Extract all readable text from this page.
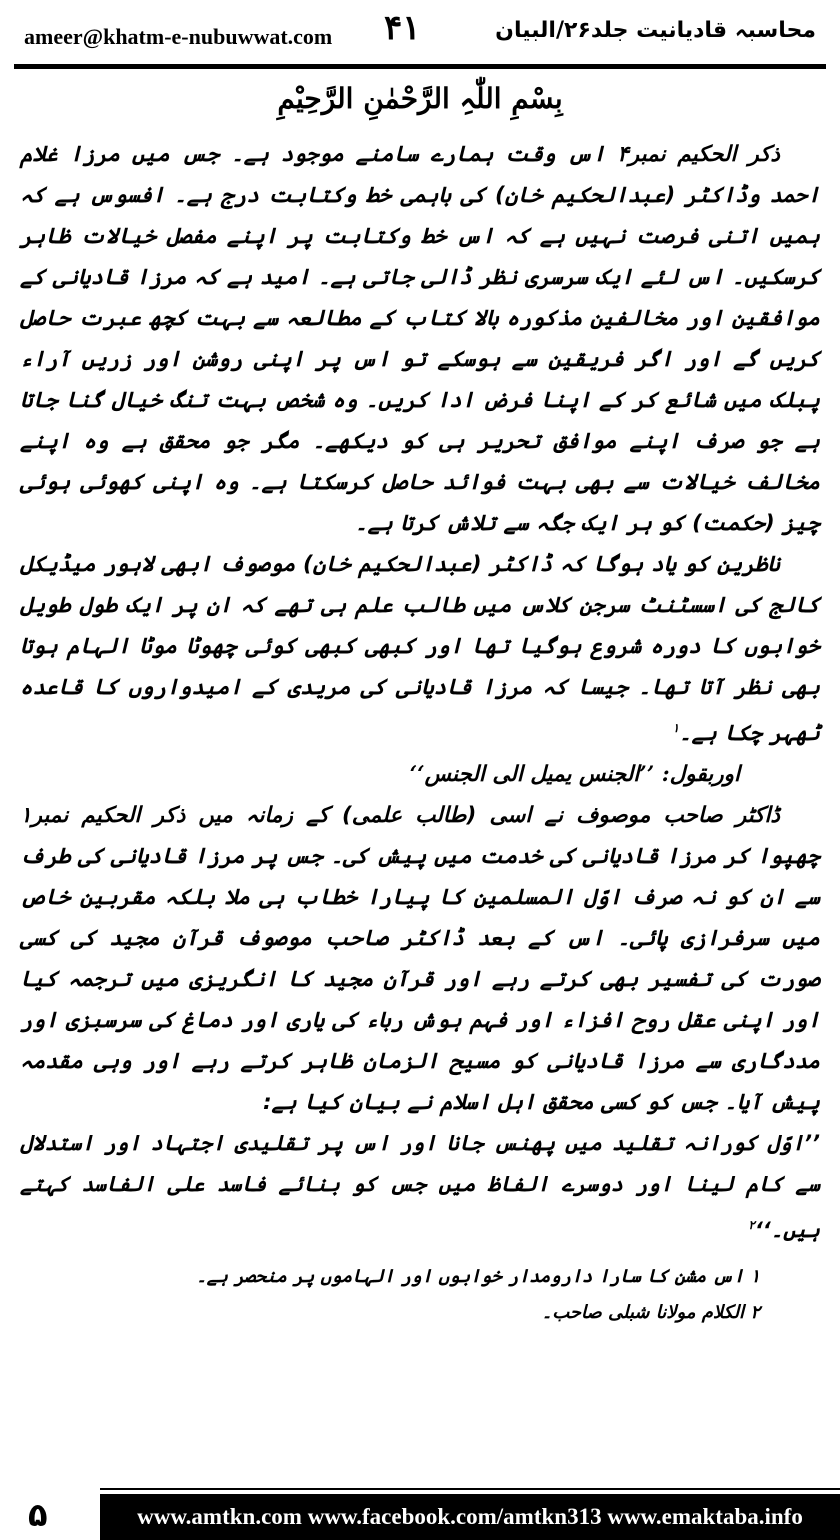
ameer@khatm-e-nubuwwat.com ۴۱	محاسبہ قادیانیت جلد۲۶/البیان
بِسْمِ اللّٰہِ الرَّحْمٰنِ الرَّحِیْمِ

ذکر الحکیم نمبر۴ اس وقت ہمارے سامنے موجود ہے۔ جس میں مرزا غلام احمد وڈاکٹر (عبدالحکیم خان) کی باہمی خط وکتابت درج ہے۔ افسوس ہے کہ ہمیں اتنی فرصت نہیں ہے کہ اس خط وکتابت پر اپنے مفصل خیالات ظاہر کرسکیں۔ اس لئے ایک سرسری نظر ڈالی جاتی ہے۔ امید ہے کہ مرزا قادیانی کے موافقین اور مخالفین مذکورہ بالا کتاب کے مطالعہ سے بہت کچھ عبرت حاصل کریں گے اور اگر فریقین سے ہوسکے تو اس پر اپنی روشن اور زریں آراء پبلک میں شائع کر کے اپنا فرض ادا کریں۔ وہ شخص بہت تنگ خیال گنا جاتا ہے جو صرف اپنے موافق تحریر ہی کو دیکھے۔ مگر جو محقق ہے وہ اپنے مخالف خیالات سے بھی بہت فوائد حاصل کرسکتا ہے۔ وہ اپنی کھوئی ہوئی چیز (حکمت) کو ہر ایک جگہ سے تلاش کرتا ہے۔

ناظرین کو یاد ہوگا کہ ڈاکٹر (عبدالحکیم خان) موصوف ابھی لاہور میڈیکل کالج کی اسسٹنٹ سرجن کلاس میں طالب علم ہی تھے کہ ان پر ایک طول طویل خوابوں کا دورہ شروع ہوگیا تھا اور کبھی کبھی کوئی چھوٹا موٹا الہام ہوتا بھی نظر آتا تھا۔ جیسا کہ مرزا قادیانی کی مریدی کے امیدواروں کا قاعدہ ٹھہر چکا ہے۔$^۱$

اوربقول: ’’الجنس یمیل الی الجنس‘‘

ڈاکٹر صاحب موصوف نے اسی (طالب علمی) کے زمانہ میں ذکر الحکیم نمبر۱ چھپوا کر مرزا قادیانی کی خدمت میں پیش کی۔ جس پر مرزا قادیانی کی طرف سے ان کو نہ صرف اوّل المسلمین کا پیارا خطاب ہی ملا بلکہ مقربین خاص میں سرفرازی پائی۔ اس کے بعد ڈاکٹر صاحب موصوف قرآن مجید کی کسی صورت کی تفسیر بھی کرتے رہے اور قرآن مجید کا انگریزی میں ترجمہ کیا اور اپنی عقل روح افزاء اور فہم ہوش رباء کی یاری اور دماغ کی سرسبزی اور مددگاری سے مرزا قادیانی کو مسیح الزمان ظاہر کرتے رہے اور وہی مقدمہ پیش آیا۔ جس کو کسی محقق اہل اسلام نے بیان کیا ہے:

’’اوّل کورانہ تقلید میں پھنس جانا اور اس پر تقلیدی اجتہاد اور استدلال سے کام لینا اور دوسرے الفاظ میں جس کو بنائے فاسد علی الفاسد کہتے ہیں۔‘‘$^۲$

۱ اس مشن کا سارا دارومدار خوابوں اور الہاموں پر منحصر ہے۔

۲ الکلام مولانا شبلی صاحب۔

۵	www.amtkn.com www.facebook.com/amtkn313 www.emaktaba.info
